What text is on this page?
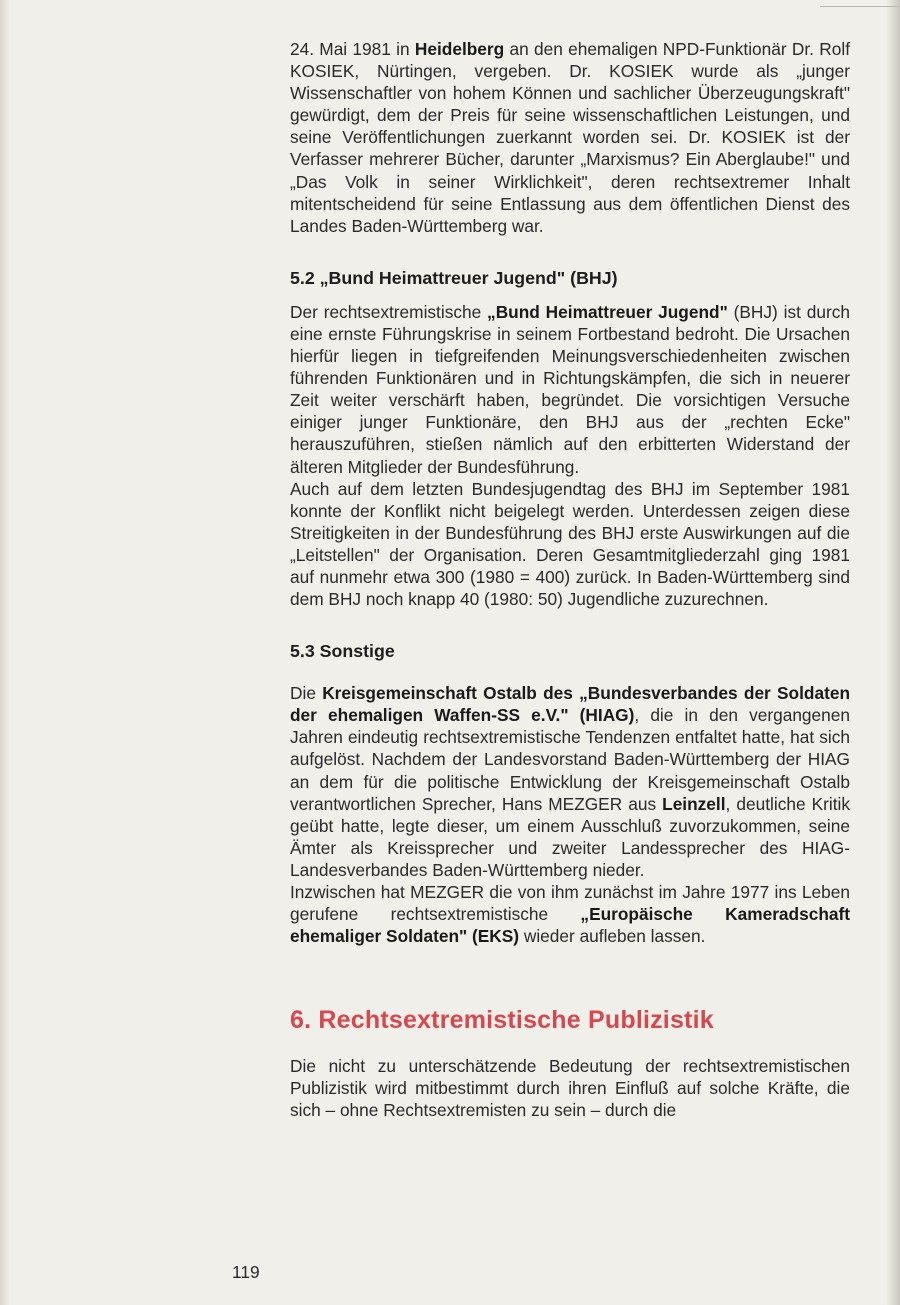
24. Mai 1981 in Heidelberg an den ehemaligen NPD-Funktionär Dr. Rolf KOSIEK, Nürtingen, vergeben. Dr. KOSIEK wurde als „junger Wissenschaftler von hohem Können und sachlicher Überzeugungskraft" gewürdigt, dem der Preis für seine wissenschaftlichen Leistungen, und seine Veröffentlichungen zuerkannt worden sei. Dr. KOSIEK ist der Verfasser mehrerer Bücher, darunter „Marxismus? Ein Aberglaube!" und „Das Volk in seiner Wirklichkeit", deren rechtsextremer Inhalt mitentscheidend für seine Entlassung aus dem öffentlichen Dienst des Landes Baden-Württemberg war.

5.2 „Bund Heimattreuer Jugend" (BHJ)

Der rechtsextremistische „Bund Heimattreuer Jugend" (BHJ) ist durch eine ernste Führungskrise in seinem Fortbestand bedroht. Die Ursachen hierfür liegen in tiefgreifenden Meinungsverschiedenheiten zwischen führenden Funktionären und in Richtungskämpfen, die sich in neuerer Zeit weiter verschärft haben, begründet. Die vorsichtigen Versuche einiger junger Funktionäre, den BHJ aus der „rechten Ecke" herauszuführen, stießen nämlich auf den erbitterten Widerstand der älteren Mitglieder der Bundesführung.

Auch auf dem letzten Bundesjugendtag des BHJ im September 1981 konnte der Konflikt nicht beigelegt werden. Unterdessen zeigen diese Streitigkeiten in der Bundesführung des BHJ erste Auswirkungen auf die „Leitstellen" der Organisation. Deren Gesamtmitgliederzahl ging 1981 auf nunmehr etwa 300 (1980 = 400) zurück. In Baden-Württemberg sind dem BHJ noch knapp 40 (1980: 50) Jugendliche zuzurechnen.

5.3 Sonstige

Die Kreisgemeinschaft Ostalb des „Bundesverbandes der Soldaten der ehemaligen Waffen-SS e.V." (HIAG), die in den vergangenen Jahren eindeutig rechtsextremistische Tendenzen entfaltet hatte, hat sich aufgelöst. Nachdem der Landesvorstand Baden-Württemberg der HIAG an dem für die politische Entwicklung der Kreisgemeinschaft Ostalb verantwortlichen Sprecher, Hans MEZGER aus Leinzell, deutliche Kritik geübt hatte, legte dieser, um einem Ausschluß zuvorzukommen, seine Ämter als Kreissprecher und zweiter Landessprecher des HIAG-Landesverbandes Baden-Württemberg nieder.

Inzwischen hat MEZGER die von ihm zunächst im Jahre 1977 ins Leben gerufene rechtsextremistische „Europäische Kameradschaft ehemaliger Soldaten" (EKS) wieder aufleben lassen.

6. Rechtsextremistische Publizistik

Die nicht zu unterschätzende Bedeutung der rechtsextremistischen Publizistik wird mitbestimmt durch ihren Einfluß auf solche Kräfte, die sich – ohne Rechtsextremisten zu sein – durch die

119
